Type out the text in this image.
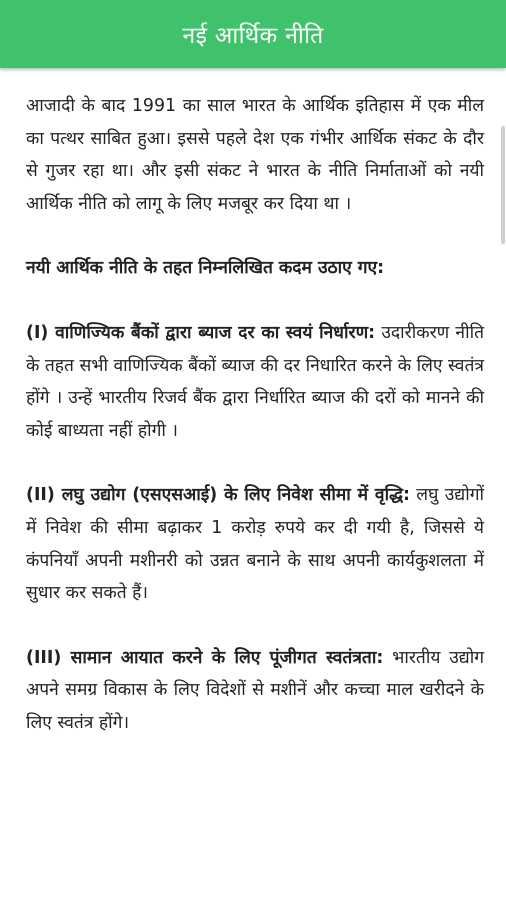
नई आर्थिक नीति

आजादी के बाद 1991 का साल भारत के आर्थिक इतिहास में एक मील का पत्थर साबित हुआ। इससे पहले देश एक गंभीर आर्थिक संकट के दौर से गुजर रहा था। और इसी संकट ने भारत के नीति निर्माताओं को नयी आर्थिक नीति को लागू के लिए मजबूर कर दिया था ।

नयी आर्थिक नीति के तहत निम्नलिखित कदम उठाए गए:

(I) वाणिज्यिक बैंकों द्वारा ब्याज दर का स्वयं निर्धारण: उदारीकरण नीति के तहत सभी वाणिज्यिक बैंकों ब्याज की दर निधारित करने के लिए स्वतंत्र होंगे । उन्हें भारतीय रिजर्व बैंक द्वारा निर्धारित ब्याज की दरों को मानने की कोई बाध्यता नहीं होगी ।

(II) लघु उद्योग (एसएसआई) के लिए निवेश सीमा में वृद्धि: लघु उद्योगों में निवेश की सीमा बढ़ाकर 1 करोड़ रुपये कर दी गयी है, जिससे ये कंपनियाँ अपनी मशीनरी को उन्नत बनाने के साथ अपनी कार्यकुशलता में सुधार कर सकते हैं।

(III) सामान आयात करने के लिए पूंजीगत स्वतंत्रता: भारतीय उद्योग अपने समग्र विकास के लिए विदेशों से मशीनें और कच्चा माल खरीदने के लिए स्वतंत्र होंगे।
